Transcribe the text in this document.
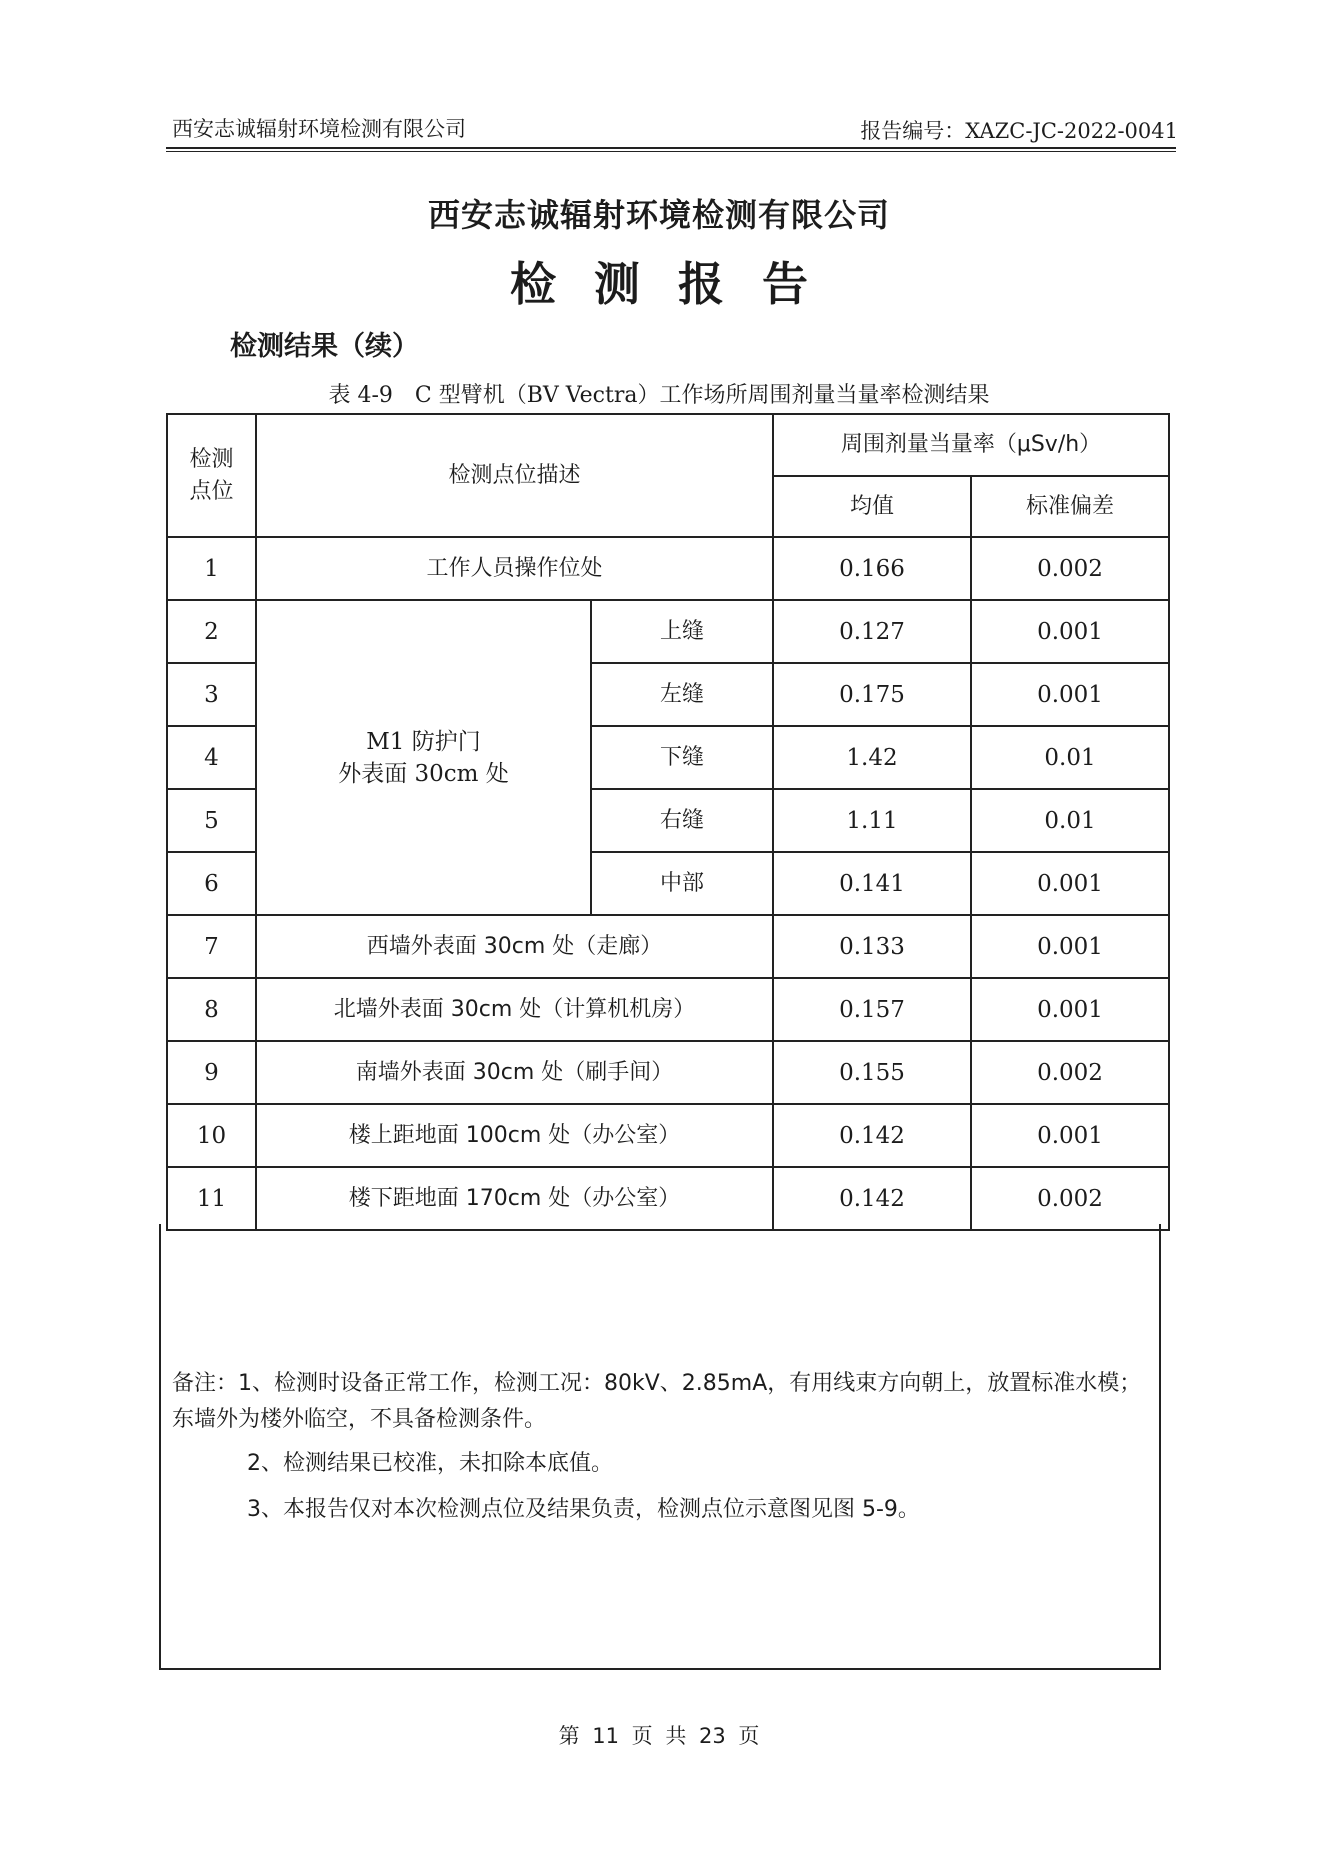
西安志诚辐射环境检测有限公司	报告编号：XAZC-JC-2022-0041
西安志诚辐射环境检测有限公司
检测报告
检测结果（续）
表 4-9　C 型臂机（BV Vectra）工作场所周围剂量当量率检测结果
检测
点位	检测点位描述		周围剂量当量率（μSv/h）	
			均值	标准偏差
1	工作人员操作位处		0.166	0.002
2	M1 防护门
外表面 30cm 处	上缝	0.127	0.001
3		左缝	0.175	0.001
4		下缝	1.42	0.01
5		右缝	1.11	0.01
6		中部	0.141	0.001
7	西墙外表面 30cm 处（走廊）		0.133	0.001
8	北墙外表面 30cm 处（计算机机房）		0.157	0.001
9	南墙外表面 30cm 处（刷手间）		0.155	0.002
10	楼上距地面 100cm 处（办公室）		0.142	0.001
11	楼下距地面 170cm 处（办公室）		0.142	0.002
备注：1、检测时设备正常工作，检测工况：80kV、2.85mA，有用线束方向朝上，放置标准水模；东墙外为楼外临空，不具备检测条件。
2、检测结果已校准，未扣除本底值。
3、本报告仅对本次检测点位及结果负责，检测点位示意图见图 5-9。
第 11 页 共 23 页
